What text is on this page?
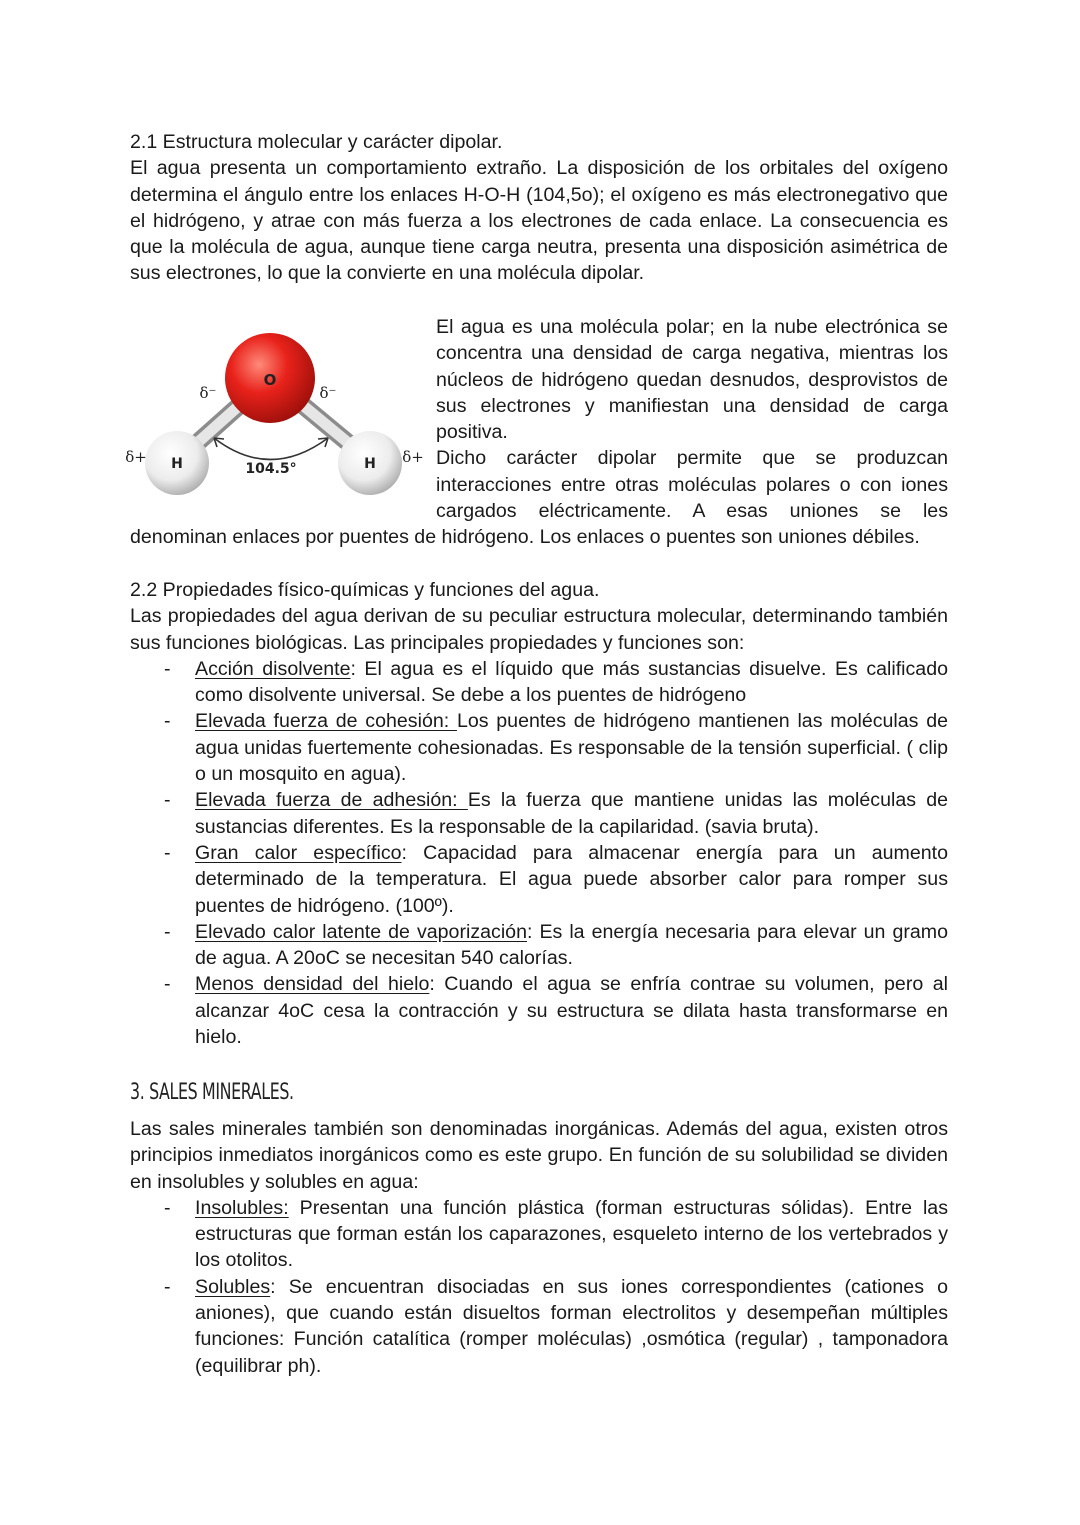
2.1 Estructura molecular y carácter dipolar.

El agua presenta un comportamiento extraño. La disposición de los orbitales del oxígeno determina el ángulo entre los enlaces H-O-H (104,5o); el oxígeno es más electronegativo que el hidrógeno, y atrae con más fuerza a los electrones de cada enlace. La consecuencia es que la molécula de agua, aunque tiene carga neutra, presenta una disposición asimétrica de sus electrones, lo que la convierte en una molécula dipolar.

O
H	H
104.5°
δ⁻	δ⁻
δ+	δ+

El agua es una molécula polar; en la nube electrónica se concentra una densidad de carga negativa, mientras los núcleos de hidrógeno quedan desnudos, desprovistos de sus electrones y manifiestan una densidad de carga positiva.

Dicho carácter dipolar permite que se produzcan interacciones entre otras moléculas polares o con iones cargados eléctricamente. A esas uniones se les denominan enlaces por puentes de hidrógeno. Los enlaces o puentes son uniones débiles.

2.2 Propiedades físico-químicas y funciones del agua.

Las propiedades del agua derivan de su peculiar estructura molecular, determinando también sus funciones biológicas. Las principales propiedades y funciones son:

- Acción disolvente: El agua es el líquido que más sustancias disuelve. Es calificado como disolvente universal. Se debe a los puentes de hidrógeno
- Elevada fuerza de cohesión: Los puentes de hidrógeno mantienen las moléculas de agua unidas fuertemente cohesionadas. Es responsable de la tensión superficial. ( clip o un mosquito en agua).
- Elevada fuerza de adhesión: Es la fuerza que mantiene unidas las moléculas de sustancias diferentes. Es la responsable de la capilaridad. (savia bruta).
- Gran calor específico: Capacidad para almacenar energía para un aumento determinado de la temperatura. El agua puede absorber calor para romper sus puentes de hidrógeno. (100º).
- Elevado calor latente de vaporización: Es la energía necesaria para elevar un gramo de agua. A 20oC se necesitan 540 calorías.
- Menos densidad del hielo: Cuando el agua se enfría contrae su volumen, pero al alcanzar 4oC cesa la contracción y su estructura se dilata hasta transformarse en hielo.

3. SALES MINERALES.

Las sales minerales también son denominadas inorgánicas. Además del agua, existen otros principios inmediatos inorgánicos como es este grupo. En función de su solubilidad se dividen en insolubles y solubles en agua:

- Insolubles: Presentan una función plástica (forman estructuras sólidas). Entre las estructuras que forman están los caparazones, esqueleto interno de los vertebrados y los otolitos.
- Solubles: Se encuentran disociadas en sus iones correspondientes (cationes o aniones), que cuando están disueltos forman electrolitos y desempeñan múltiples funciones: Función catalítica (romper moléculas) ,osmótica (regular) , tamponadora (equilibrar ph).
